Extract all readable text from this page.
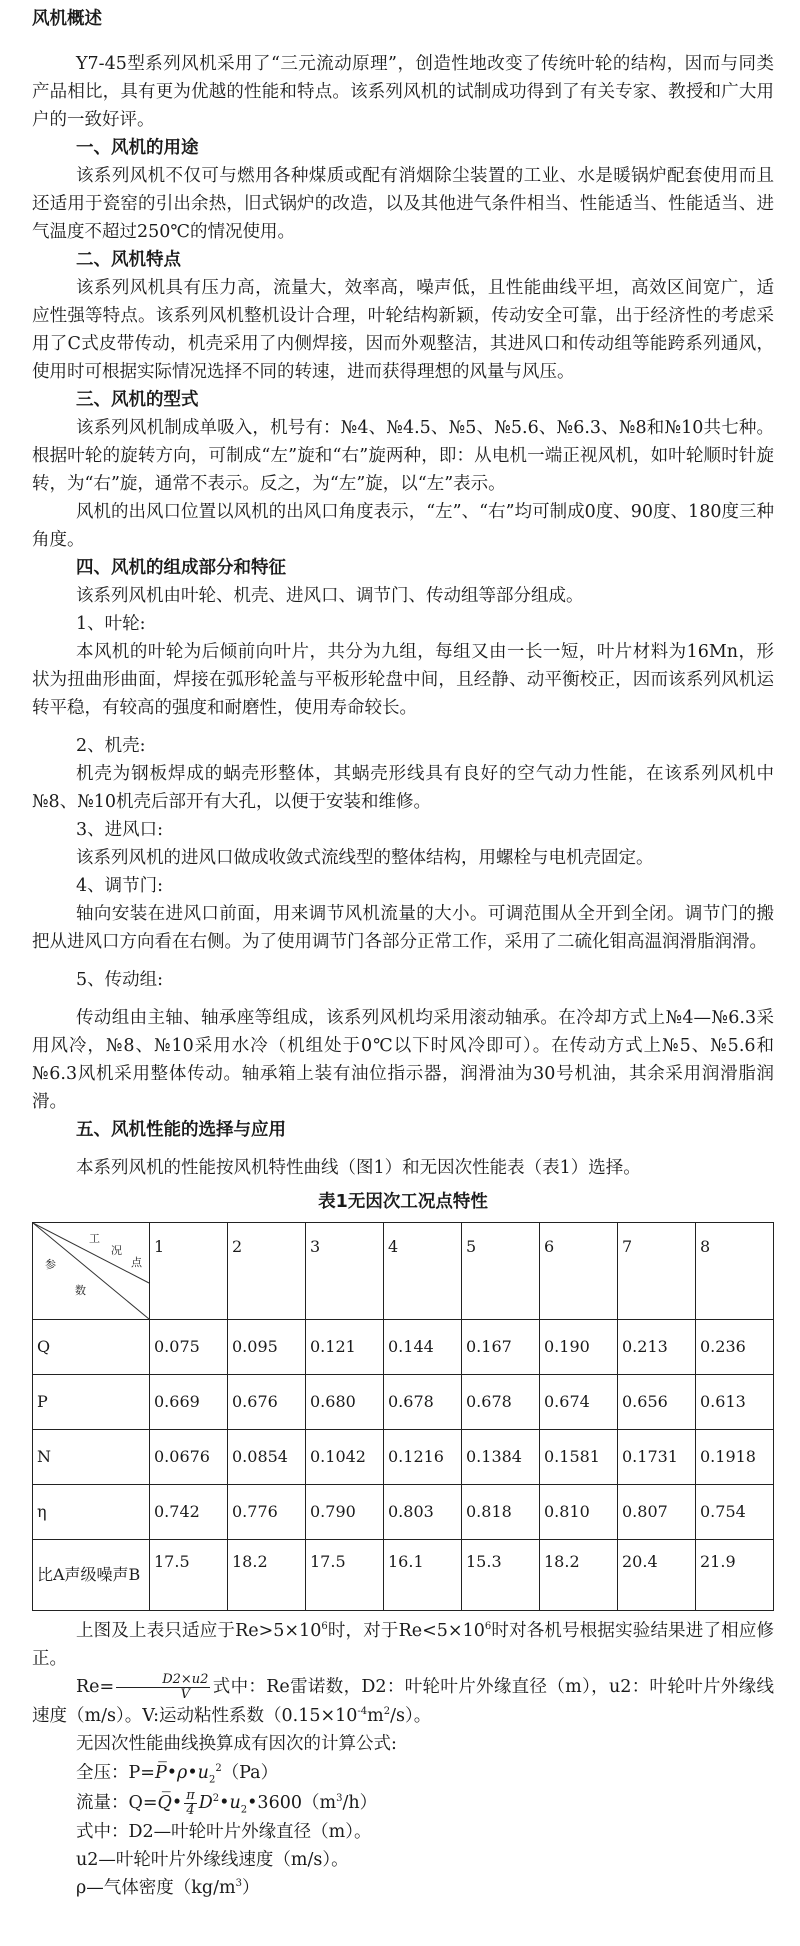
风机概述

Y7-45型系列风机采用了“三元流动原理”，创造性地改变了传统叶轮的结构，因而与同类产品相比，具有更为优越的性能和特点。该系列风机的试制成功得到了有关专家、教授和广大用户的一致好评。

一、风机的用途

该系列风机不仅可与燃用各种煤质或配有消烟除尘装置的工业、水是暖锅炉配套使用而且还适用于瓷窑的引出余热，旧式锅炉的改造，以及其他进气条件相当、性能适当、性能适当、进气温度不超过250℃的情况使用。

二、风机特点

该系列风机具有压力高，流量大，效率高，噪声低，且性能曲线平坦，高效区间宽广，适应性强等特点。该系列风机整机设计合理，叶轮结构新颖，传动安全可靠，出于经济性的考虑采用了C式皮带传动，机壳采用了内侧焊接，因而外观整洁，其进风口和传动组等能跨系列通风，使用时可根据实际情况选择不同的转速，进而获得理想的风量与风压。

三、风机的型式

该系列风机制成单吸入，机号有：№4、№4.5、№5、№5.6、№6.3、№8和№10共七种。根据叶轮的旋转方向，可制成“左”旋和“右”旋两种，即：从电机一端正视风机，如叶轮顺时针旋转，为“右”旋，通常不表示。反之，为“左”旋，以“左”表示。

风机的出风口位置以风机的出风口角度表示，“左”、“右”均可制成0度、90度、180度三种角度。

四、风机的组成部分和特征

该系列风机由叶轮、机壳、进风口、调节门、传动组等部分组成。

1、叶轮:

本风机的叶轮为后倾前向叶片，共分为九组，每组又由一长一短，叶片材料为16Mn，形状为扭曲形曲面，焊接在弧形轮盖与平板形轮盘中间，且经静、动平衡校正，因而该系列风机运转平稳，有较高的强度和耐磨性，使用寿命较长。

2、机壳:

机壳为钢板焊成的蜗壳形整体，其蜗壳形线具有良好的空气动力性能，在该系列风机中№8、№10机壳后部开有大孔，以便于安装和维修。

3、进风口:

该系列风机的进风口做成收敛式流线型的整体结构，用螺栓与电机壳固定。

4、调节门:

轴向安装在进风口前面，用来调节风机流量的大小。可调范围从全开到全闭。调节门的搬把从进风口方向看在右侧。为了使用调节门各部分正常工作，采用了二硫化钼高温润滑脂润滑。

5、传动组:

传动组由主轴、轴承座等组成，该系列风机均采用滚动轴承。在冷却方式上№4—№6.3采用风冷，№8、№10采用水冷（机组处于0℃以下时风冷即可）。在传动方式上№5、№5.6和№6.3风机采用整体传动。轴承箱上装有油位指示器，润滑油为30号机油，其余采用润滑脂润滑。

五、风机性能的选择与应用

本系列风机的性能按风机特性曲线（图1）和无因次性能表（表1）选择。

表1无因次工况点特性
工
况
点
参
数	1	2	3	4	5	6	7	8
Q	0.075	0.095	0.121	0.144	0.167	0.190	0.213	0.236
P	0.669	0.676	0.680	0.678	0.678	0.674	0.656	0.613
N	0.0676	0.0854	0.1042	0.1216	0.1384	0.1581	0.1731	0.1918
η	0.742	0.776	0.790	0.803	0.818	0.810	0.807	0.754
比A声级噪声B	17.5	18.2	17.5	16.1	15.3	18.2	20.4	21.9

上图及上表只适应于$Re>5\times 10^6$时，对于$Re<5\times 10^6$时对各机号根据实验结果进了相应修正。

$Re= \frac{D2\times u2}{V}$ 式中：Re雷诺数，D2：叶轮叶片外缘直径（m），u2：叶轮叶片外缘线速度（m/s）。V:运动粘性系数$(0.15\times 10^{-4}m^2/s)$。

无因次性能曲线换算成有因次的计算公式:

全压：$P=P̅•\rho•u_2^2(Pa)$
流量：Q=Q̅• $\frac{\pi}{4}$ $D^2•u_2•3600(m^3/h)$

式中：D2—叶轮叶片外缘直径（m）。

u2—叶轮叶片外缘线速度（m/s）。

ρ—气体密度$(kg/m^3)$
